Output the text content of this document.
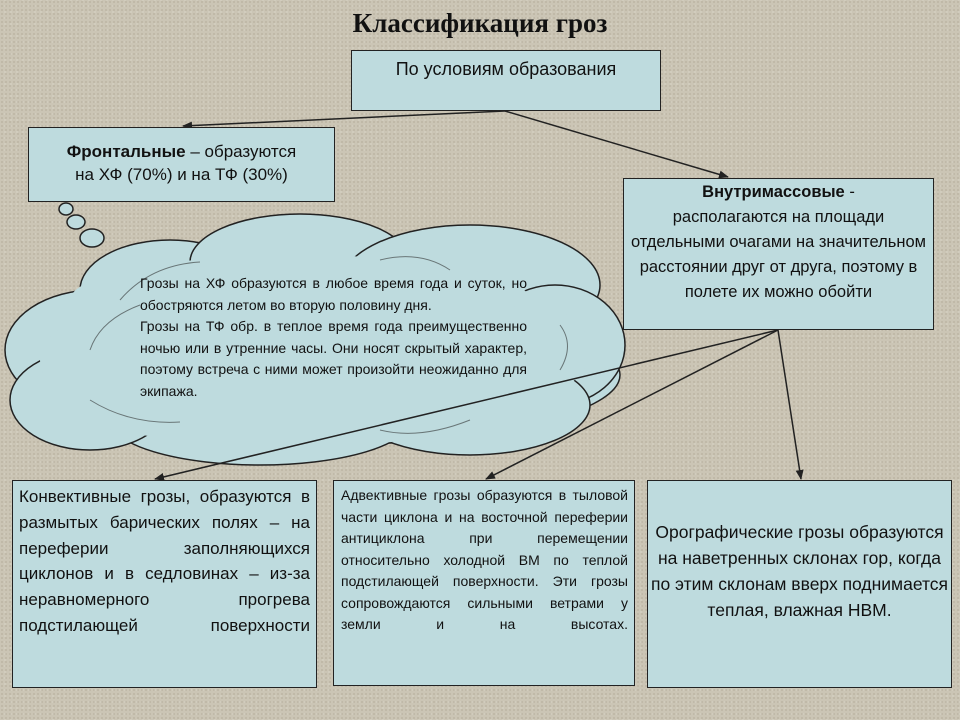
Классификация гроз
Грозы на ХФ образуются в любое время года и суток, но обостряются летом во вторую половину дня.
Грозы на ТФ обр. в теплое время года преимущественно ночью или в утренние часы. Они носят скрытый характер, поэтому встреча с ними может произойти неожиданно для экипажа.
По условиям образования
Фронтальные – образуются
на ХФ (70%) и на ТФ (30%)
Внутримассовые -
располагаются на площади отдельными очагами на значительном расстоянии друг от друга, поэтому в полете их можно обойти
Конвективные грозы, образуются в размытых барических полях – на переферии заполняющихся циклонов и в седловинах – из-за неравномерного прогрева подстилающей поверхности
Адвективные грозы образуются в тыловой части циклона и на восточной переферии антициклона при перемещении относительно холодной ВМ по теплой подстилающей поверхности. Эти грозы сопровождаются сильными ветрами у земли и на высотах.
Орографические грозы образуются на наветренных склонах гор, когда по этим склонам вверх поднимается теплая, влажная НВМ.
